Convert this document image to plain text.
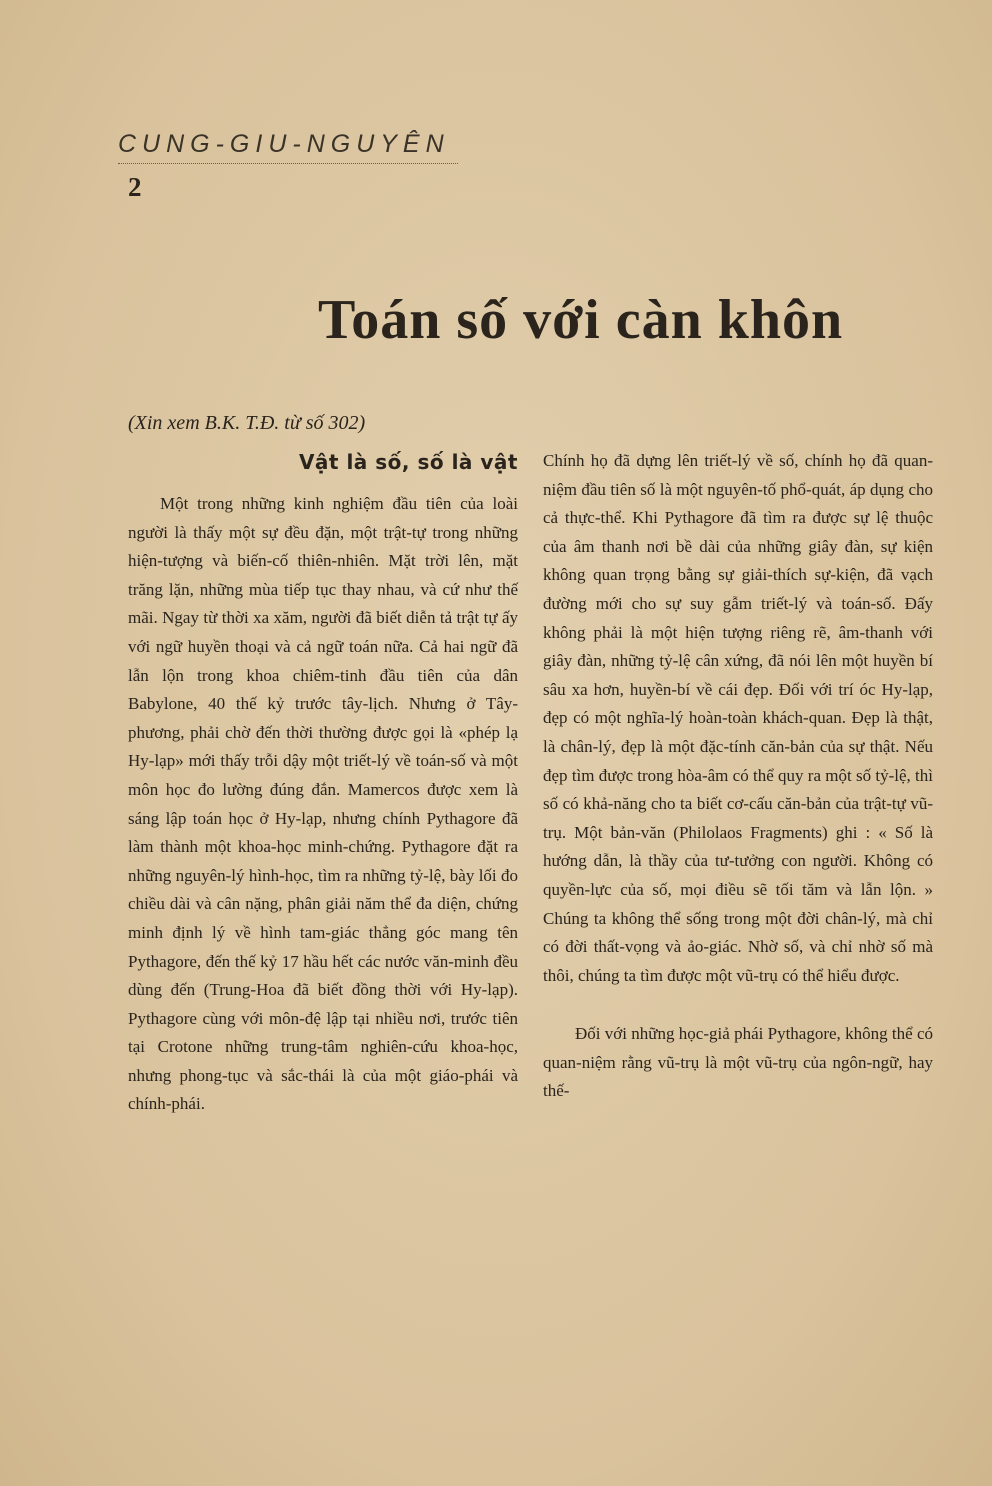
CUNG-GIU-NGUYÊN
2
Toán số với càn khôn
(Xin xem B.K. T.Đ. từ số 302)
Vật là số, số là vật

Một trong những kinh nghiệm đầu tiên của loài người là thấy một sự đều đặn, một trật-tự trong những hiện-tượng và biến-cố thiên-nhiên. Mặt trời lên, mặt trăng lặn, những mùa tiếp tục thay nhau, và cứ như thế mãi. Ngay từ thời xa xăm, người đã biết diễn tả trật tự ấy với ngữ huyền thoại và cả ngữ toán nữa. Cả hai ngữ đã lẫn lộn trong khoa chiêm-tinh đầu tiên của dân Babylone, 40 thế kỷ trước tây-lịch. Nhưng ở Tây-phương, phải chờ đến thời thường được gọi là «phép lạ Hy-lạp» mới thấy trỗi dậy một triết-lý về toán-số và một môn học đo lường đúng đắn. Mamercos được xem là sáng lập toán học ở Hy-lạp, nhưng chính Pythagore đã làm thành một khoa-học minh-chứng. Pythagore đặt ra những nguyên-lý hình-học, tìm ra những tỷ-lệ, bày lối đo chiều dài và cân nặng, phân giải năm thể đa diện, chứng minh định lý về hình tam-giác thẳng góc mang tên Pythagore, đến thế kỷ 17 hầu hết các nước văn-minh đều dùng đến (Trung-Hoa đã biết đồng thời với Hy-lạp). Pythagore cùng với môn-đệ lập tại nhiều nơi, trước tiên tại Crotone những trung-tâm nghiên-cứu khoa-học, nhưng phong-tục và sắc-thái là của một giáo-phái và chính-phái.

Chính họ đã dựng lên triết-lý về số, chính họ đã quan-niệm đầu tiên số là một nguyên-tố phổ-quát, áp dụng cho cả thực-thể. Khi Pythagore đã tìm ra được sự lệ thuộc của âm thanh nơi bề dài của những giây đàn, sự kiện không quan trọng bằng sự giải-thích sự-kiện, đã vạch đường mới cho sự suy gẫm triết-lý và toán-số. Đấy không phải là một hiện tượng riêng rẽ, âm-thanh với giây đàn, những tỷ-lệ cân xứng, đã nói lên một huyền bí sâu xa hơn, huyền-bí về cái đẹp. Đối với trí óc Hy-lạp, đẹp có một nghĩa-lý hoàn-toàn khách-quan. Đẹp là thật, là chân-lý, đẹp là một đặc-tính căn-bản của sự thật. Nếu đẹp tìm được trong hòa-âm có thể quy ra một số tỷ-lệ, thì số có khả-năng cho ta biết cơ-cấu căn-bản của trật-tự vũ-trụ. Một bản-văn (Philolaos Fragments) ghi : « Số là hướng dẫn, là thầy của tư-tưởng con người. Không có quyền-lực của số, mọi điều sẽ tối tăm và lẫn lộn. » Chúng ta không thể sống trong một đời chân-lý, mà chỉ có đời thất-vọng và ảo-giác. Nhờ số, và chỉ nhờ số mà thôi, chúng ta tìm được một vũ-trụ có thể hiểu được.

Đối với những học-giả phái Pythagore, không thể có quan-niệm rằng vũ-trụ là một vũ-trụ của ngôn-ngữ, hay thế-
